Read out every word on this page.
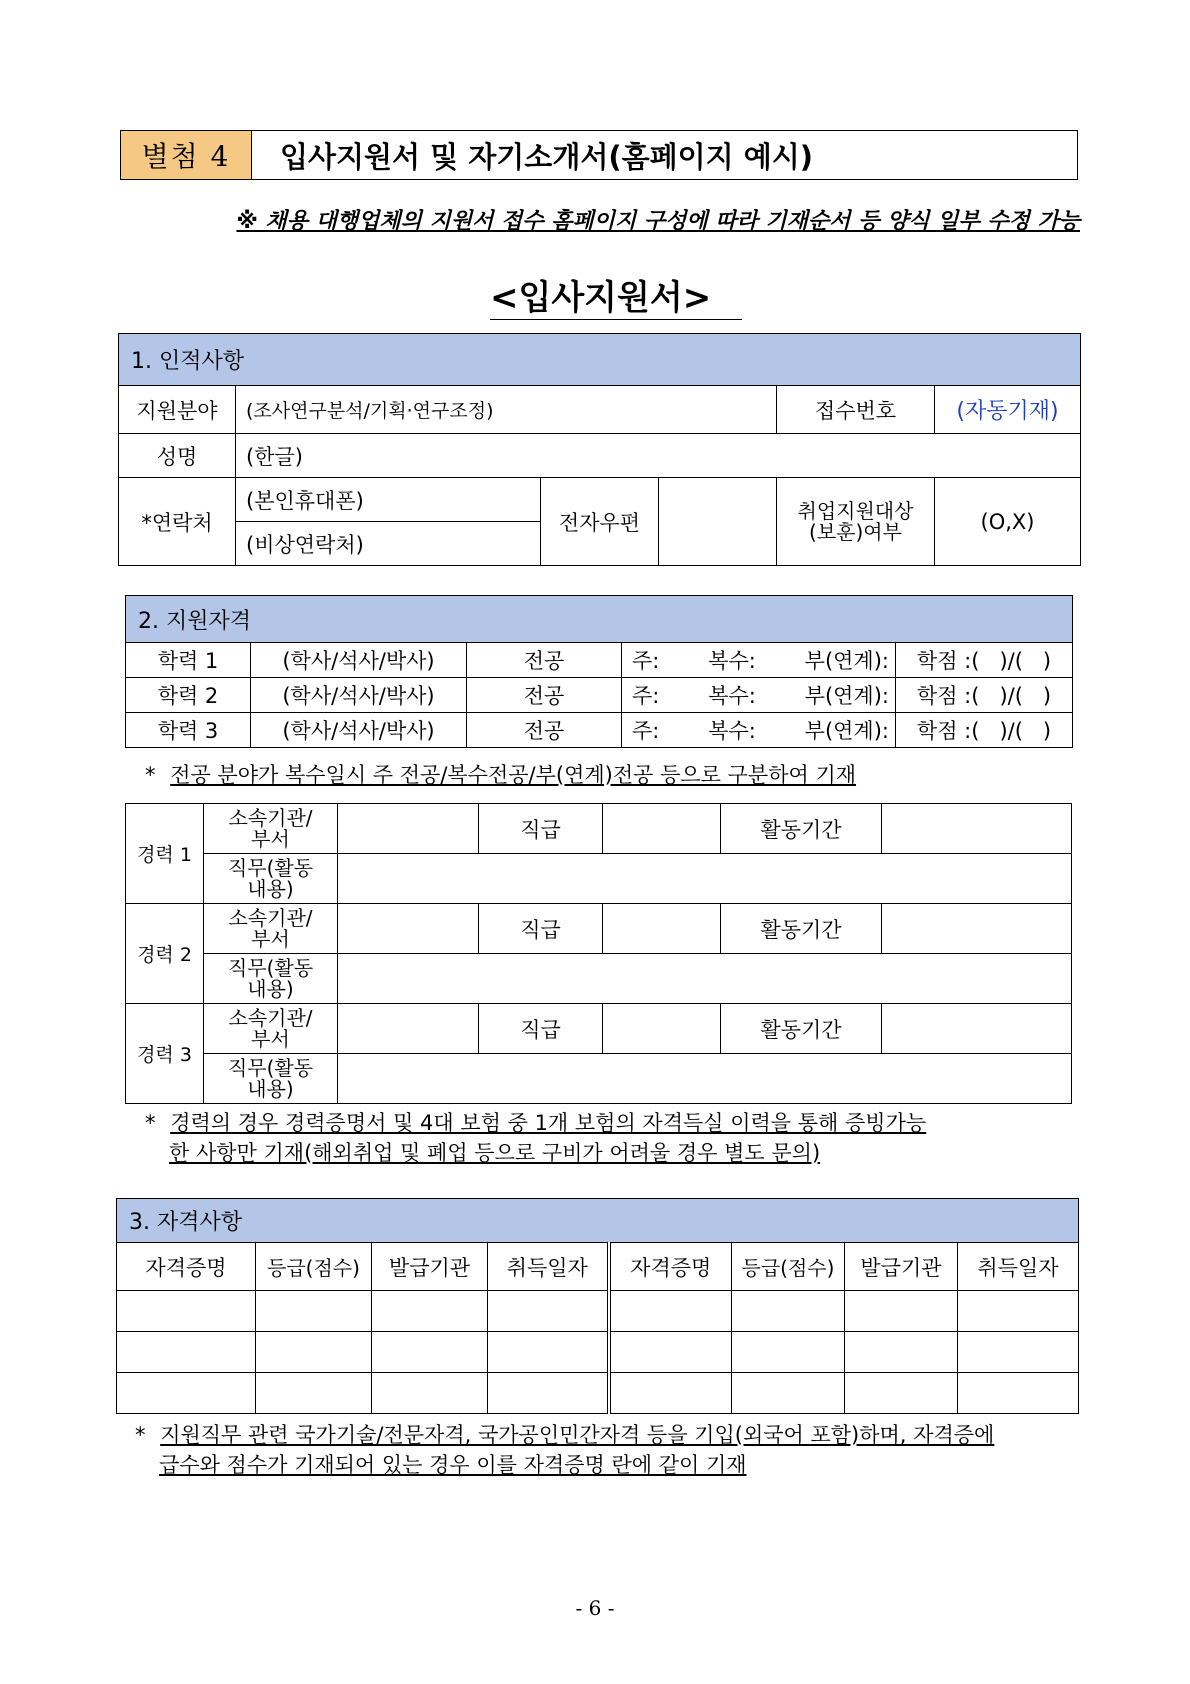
별첨 4	입사지원서 및 자기소개서(홈페이지 예시)
※ 채용 대행업체의 지원서 접수 홈페이지 구성에 따라 기재순서 등 양식 일부 수정 가능
<입사지원서>
1. 인적사항					
지원분야	(조사연구분석/기획·연구조정)			접수번호	(자동기재)
성명	(한글)				
*연락처	(본인휴대폰)	전자우편		취업지원대상 (보훈)여부	(O,X)
	(비상연락처)				
2. 지원자격				
학력 1	(학사/석사/박사)	전공	주: 복수: 부(연계):	학점 :(   )/(   )
학력 2	(학사/석사/박사)	전공	주: 복수: 부(연계):	학점 :(   )/(   )
학력 3	(학사/석사/박사)	전공	주: 복수: 부(연계):	학점 :(   )/(   )
* 전공 분야가 복수일시 주 전공/복수전공/부(연계)전공 등으로 구분하여 기재
경력 1	소속기관/ 부서		직급		활동기간	
	직무(활동 내용)					
경력 2	소속기관/ 부서		직급		활동기간	
	직무(활동 내용)					
경력 3	소속기관/ 부서		직급		활동기간	
	직무(활동 내용)					
* 경력의 경우 경력증명서 및 4대 보험 중 1개 보험의 자격득실 이력을 통해 증빙가능
한 사항만 기재(해외취업 및 폐업 등으로 구비가 어려울 경우 별도 문의)
3. 자격사항							
자격증명	등급(점수)	발급기관	취득일자	자격증명	등급(점수)	발급기관	취득일자

* 지원직무 관련 국가기술/전문자격, 국가공인민간자격 등을 기입(외국어 포함)하며, 자격증에
급수와 점수가 기재되어 있는 경우 이를 자격증명 란에 같이 기재
- 6 -
